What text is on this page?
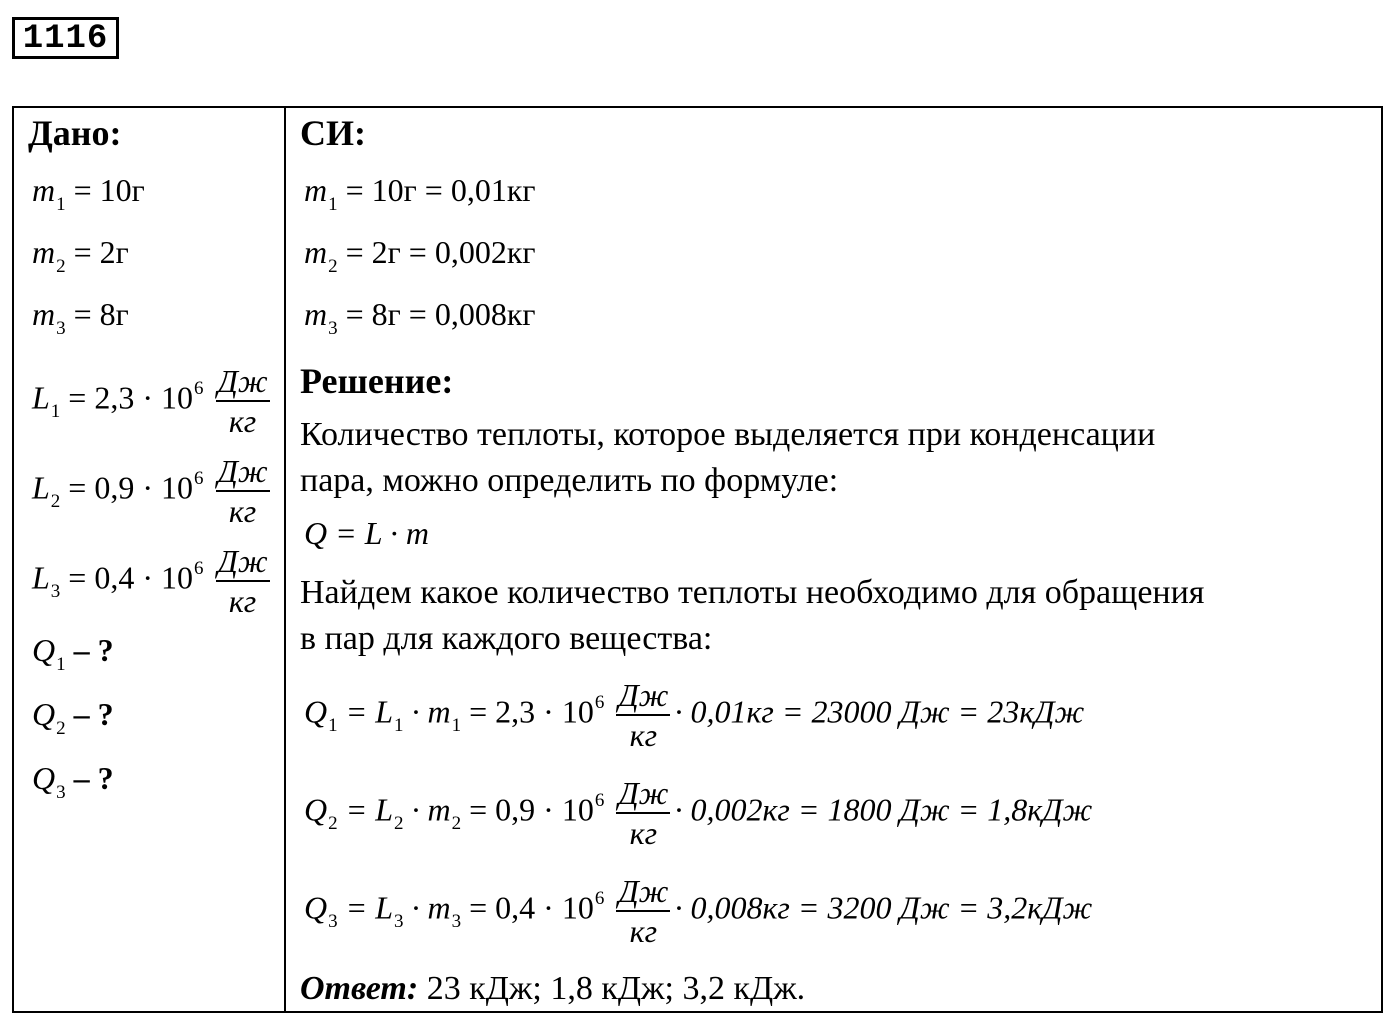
1116
Дано:
$m_1 = 10г$
$m_2 = 2г$
$m_3 = 8г$
$L_1 = 2,3 \cdot 10^6 \frac{Дж}{кг}$
$L_2 = 0,9 \cdot 10^6 \frac{Дж}{кг}$
$L_3 = 0,4 \cdot 10^6 \frac{Дж}{кг}$
$Q_1$ – ?
$Q_2$ – ?
$Q_3$ – ?
СИ:
$m_1 = 10г = 0,01кг$
$m_2 = 2г = 0,002кг$
$m_3 = 8г = 0,008кг$
Решение:
Количество теплоты, которое выделяется при конденсации
пара, можно определить по формуле:
Q = L · m
Найдем какое количество теплоты необходимо для обращения
в пар для каждого вещества:
$Q_1 = L_1 \cdot m_1 = 2,3 \cdot 10^6 \frac{Дж}{кг} \cdot 0,01кг = 23000$ Дж = 23кДж
$Q_2 = L_2 \cdot m_2 = 0,9 \cdot 10^6 \frac{Дж}{кг} \cdot 0,002кг = 1800$ Дж = 1,8кДж
$Q_3 = L_3 \cdot m_3 = 0,4 \cdot 10^6 \frac{Дж}{кг} \cdot 0,008кг = 3200$ Дж = 3,2кДж
Ответ: 23 кДж; 1,8 кДж; 3,2 кДж.
